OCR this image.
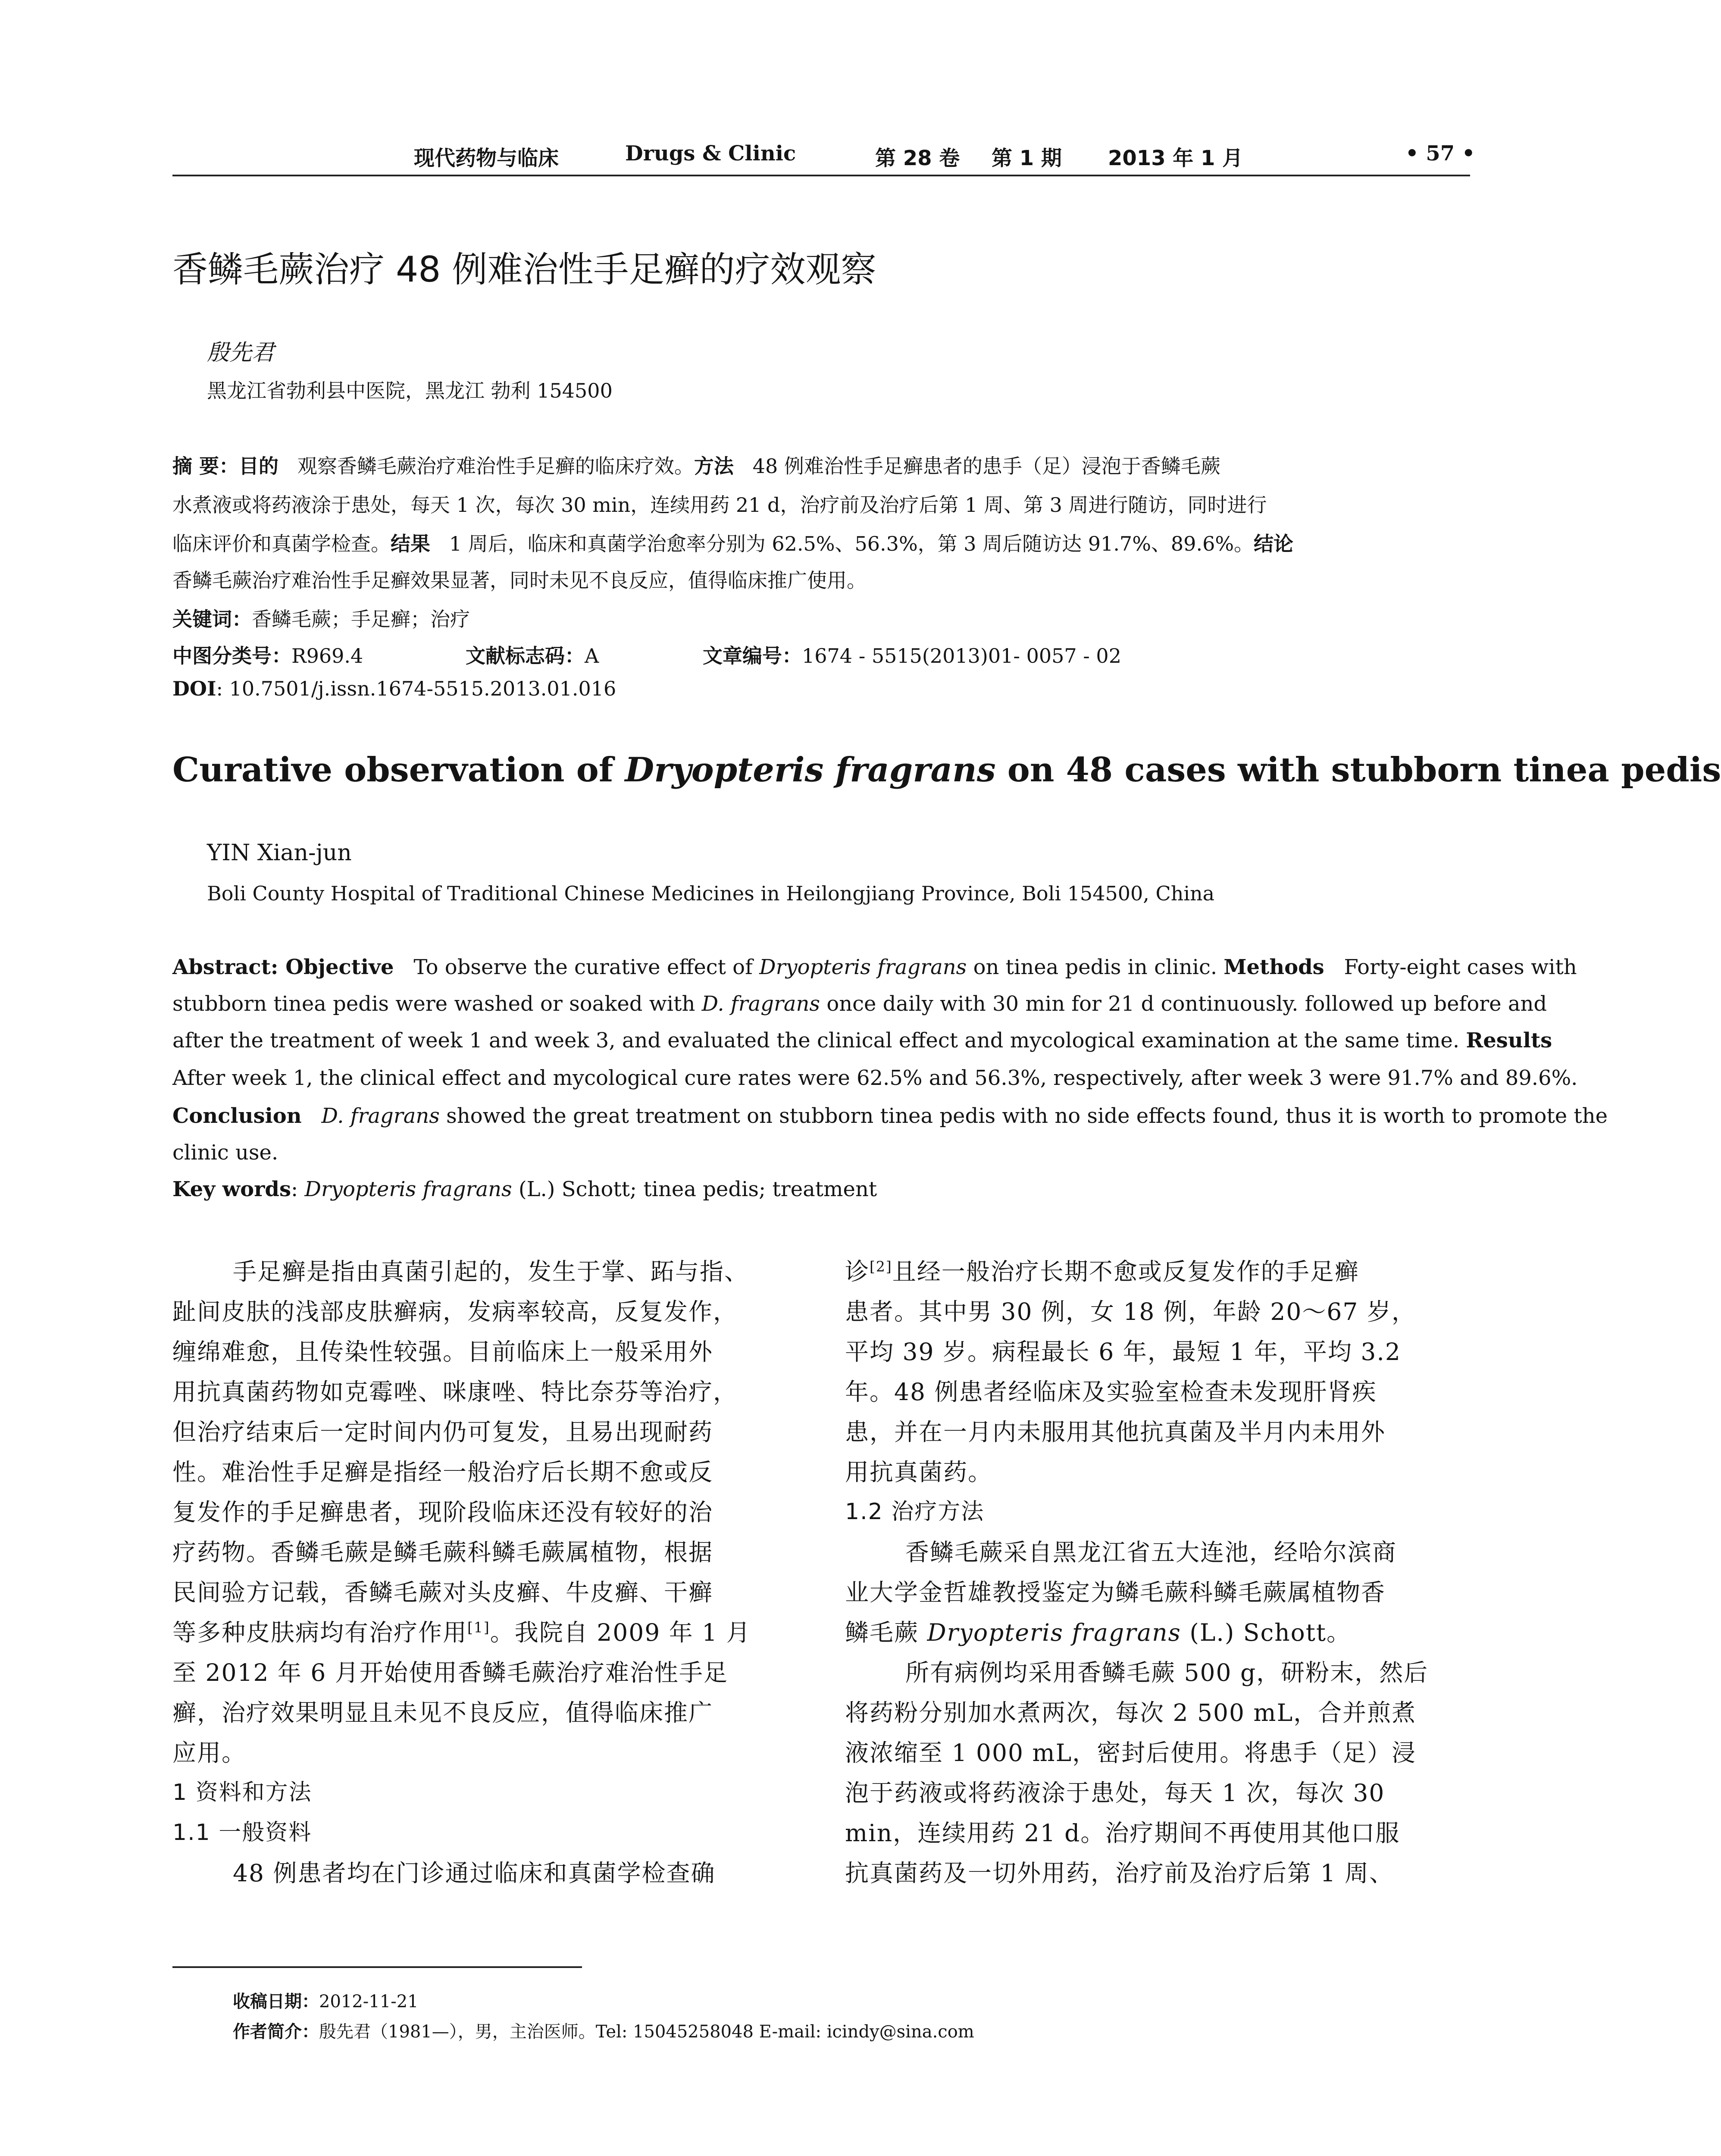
现代药物与临床	Drugs & Clinic	第 28 卷 第 1 期 2013 年 1 月	• 57 •
香鳞毛蕨治疗 48 例难治性手足癣的疗效观察
殷先君
黑龙江省勃利县中医院，黑龙江 勃利 154500
摘 要：目的 观察香鳞毛蕨治疗难治性手足癣的临床疗效。方法 48 例难治性手足癣患者的患手（足）浸泡于香鳞毛蕨
水煮液或将药液涂于患处，每天 1 次，每次 30 min，连续用药 21 d，治疗前及治疗后第 1 周、第 3 周进行随访，同时进行
临床评价和真菌学检查。结果 1 周后，临床和真菌学治愈率分别为 62.5%、56.3%，第 3 周后随访达 91.7%、89.6%。结论
香鳞毛蕨治疗难治性手足癣效果显著，同时未见不良反应，值得临床推广使用。
关键词：香鳞毛蕨；手足癣；治疗
中图分类号：R969.4	文献标志码：A	文章编号：1674 - 5515(2013)01- 0057 - 02
DOI: 10.7501/j.issn.1674-5515.2013.01.016
Curative observation of Dryopteris fragrans on 48 cases with stubborn tinea pedis
YIN Xian-jun
Boli County Hospital of Traditional Chinese Medicines in Heilongjiang Province, Boli 154500, China
Abstract: Objective To observe the curative effect of Dryopteris fragrans on tinea pedis in clinic. Methods Forty-eight cases with
stubborn tinea pedis were washed or soaked with D. fragrans once daily with 30 min for 21 d continuously. followed up before and
after the treatment of week 1 and week 3, and evaluated the clinical effect and mycological examination at the same time. Results
After week 1, the clinical effect and mycological cure rates were 62.5% and 56.3%, respectively, after week 3 were 91.7% and 89.6%.
Conclusion D. fragrans showed the great treatment on stubborn tinea pedis with no side effects found, thus it is worth to promote the
clinic use.
Key words: Dryopteris fragrans (L.) Schott; tinea pedis; treatment
手足癣是指由真菌引起的，发生于掌、跖与指、
趾间皮肤的浅部皮肤癣病，发病率较高，反复发作，
缠绵难愈，且传染性较强。目前临床上一般采用外
用抗真菌药物如克霉唑、咪康唑、特比奈芬等治疗，
但治疗结束后一定时间内仍可复发，且易出现耐药
性。难治性手足癣是指经一般治疗后长期不愈或反
复发作的手足癣患者，现阶段临床还没有较好的治
疗药物。香鳞毛蕨是鳞毛蕨科鳞毛蕨属植物，根据
民间验方记载，香鳞毛蕨对头皮癣、牛皮癣、干癣
等多种皮肤病均有治疗作用[1]。我院自 2009 年 1 月
至 2012 年 6 月开始使用香鳞毛蕨治疗难治性手足
癣，治疗效果明显且未见不良反应，值得临床推广
应用。
1 资料和方法
1.1 一般资料
48 例患者均在门诊通过临床和真菌学检查确
诊[2]且经一般治疗长期不愈或反复发作的手足癣
患者。其中男 30 例，女 18 例，年龄 20～67 岁，
平均 39 岁。病程最长 6 年，最短 1 年，平均 3.2
年。48 例患者经临床及实验室检查未发现肝肾疾
患，并在一月内未服用其他抗真菌及半月内未用外
用抗真菌药。
1.2 治疗方法
香鳞毛蕨采自黑龙江省五大连池，经哈尔滨商
业大学金哲雄教授鉴定为鳞毛蕨科鳞毛蕨属植物香
鳞毛蕨 Dryopteris fragrans (L.) Schott。
所有病例均采用香鳞毛蕨 500 g，研粉末，然后
将药粉分别加水煮两次，每次 2 500 mL，合并煎煮
液浓缩至 1 000 mL，密封后使用。将患手（足）浸
泡于药液或将药液涂于患处，每天 1 次，每次 30
min，连续用药 21 d。治疗期间不再使用其他口服
抗真菌药及一切外用药，治疗前及治疗后第 1 周、
收稿日期：2012-11-21
作者简介：殷先君（1981—），男，主治医师。Tel: 15045258048 E-mail: icindy@sina.com
